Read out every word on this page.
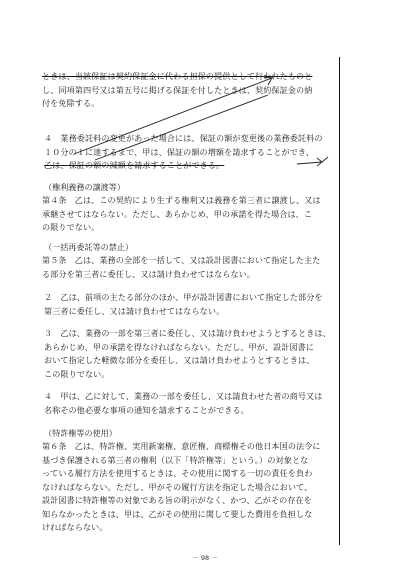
ときは、当該保証は契約保証金に代わる担保の提供として行われたものと
し、同項第四号又は第五号に掲げる保証を付したときは、契約保証金の納
付を免除する。
４　業務委託料の変更があった場合には、保証の額が変更後の業務委託料の
１０分の１に達するまで、甲は、保証の額の増額を請求することができ、
乙は、保証の額の減額を請求することができる。
（権利義務の譲渡等）
第４条　乙は、この契約により生ずる権利又は義務を第三者に譲渡し、又は
承継させてはならない。ただし、あらかじめ、甲の承諾を得た場合は、こ
の限りでない。
（一括再委託等の禁止）
第５条　乙は、業務の全部を一括して、又は設計図書において指定した主た
る部分を第三者に委任し、又は請け負わせてはならない。
２　乙は、前項の主たる部分のほか、甲が設計図書において指定した部分を
第三者に委任し、又は請け負わせてはならない。
３　乙は、業務の一部を第三者に委任し、又は請け負わせようとするときは、
あらかじめ、甲の承諾を得なければならない。ただし、甲が、設計図書に
おいて指定した軽微な部分を委任し、又は請け負わせようとするときは、
この限りでない。
４　甲は、乙に対して、業務の一部を委任し、又は請負わせた者の商号又は
名称その他必要な事項の通知を請求することができる。
（特許権等の使用）
第６条　乙は、特許権、実用新案権、意匠権、商標権その他日本国の法令に
基づき保護される第三者の権利（以下「特許権等」という。）の対象とな
っている履行方法を使用するときは、その使用に関する一切の責任を負わ
なければならない。ただし、甲がその履行方法を指定した場合において、
設計図書に特許権等の対象である旨の明示がなく、かつ、乙がその存在を
知らなかったときは、甲は、乙がその使用に関して要した費用を負担しな
ければならない。
－ 98 －
